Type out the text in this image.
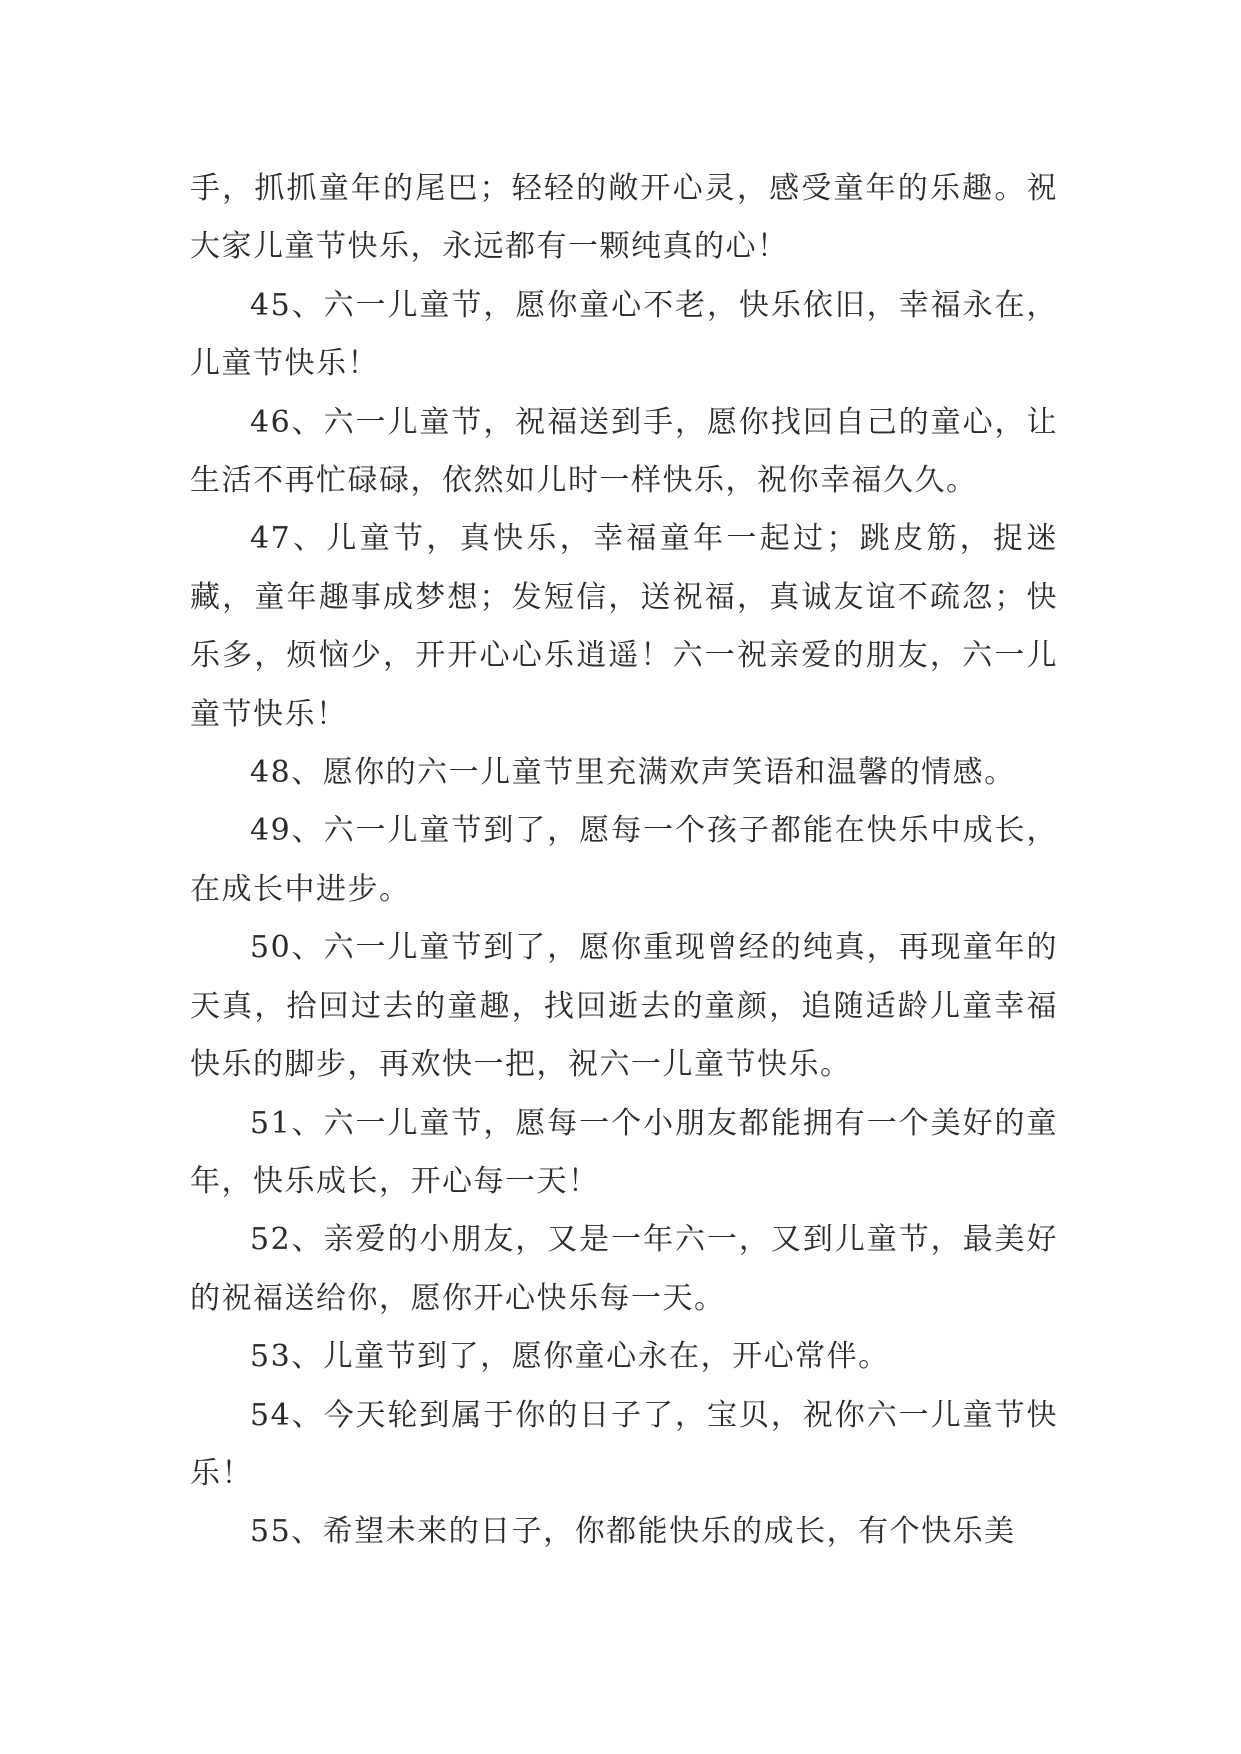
手，抓抓童年的尾巴；轻轻的敞开心灵，感受童年的乐趣。祝大家儿童节快乐，永远都有一颗纯真的心！

45、六一儿童节，愿你童心不老，快乐依旧，幸福永在，儿童节快乐！

46、六一儿童节，祝福送到手，愿你找回自己的童心，让生活不再忙碌碌，依然如儿时一样快乐，祝你幸福久久。

47、儿童节，真快乐，幸福童年一起过；跳皮筋，捉迷藏，童年趣事成梦想；发短信，送祝福，真诚友谊不疏忽；快乐多，烦恼少，开开心心乐逍遥！六一祝亲爱的朋友，六一儿童节快乐！

48、愿你的六一儿童节里充满欢声笑语和温馨的情感。

49、六一儿童节到了，愿每一个孩子都能在快乐中成长，在成长中进步。

50、六一儿童节到了，愿你重现曾经的纯真，再现童年的天真，拾回过去的童趣，找回逝去的童颜，追随适龄儿童幸福快乐的脚步，再欢快一把，祝六一儿童节快乐。

51、六一儿童节，愿每一个小朋友都能拥有一个美好的童年，快乐成长，开心每一天！

52、亲爱的小朋友，又是一年六一，又到儿童节，最美好的祝福送给你，愿你开心快乐每一天。

53、儿童节到了，愿你童心永在，开心常伴。

54、今天轮到属于你的日子了，宝贝，祝你六一儿童节快乐！

55、希望未来的日子，你都能快乐的成长，有个快乐美
